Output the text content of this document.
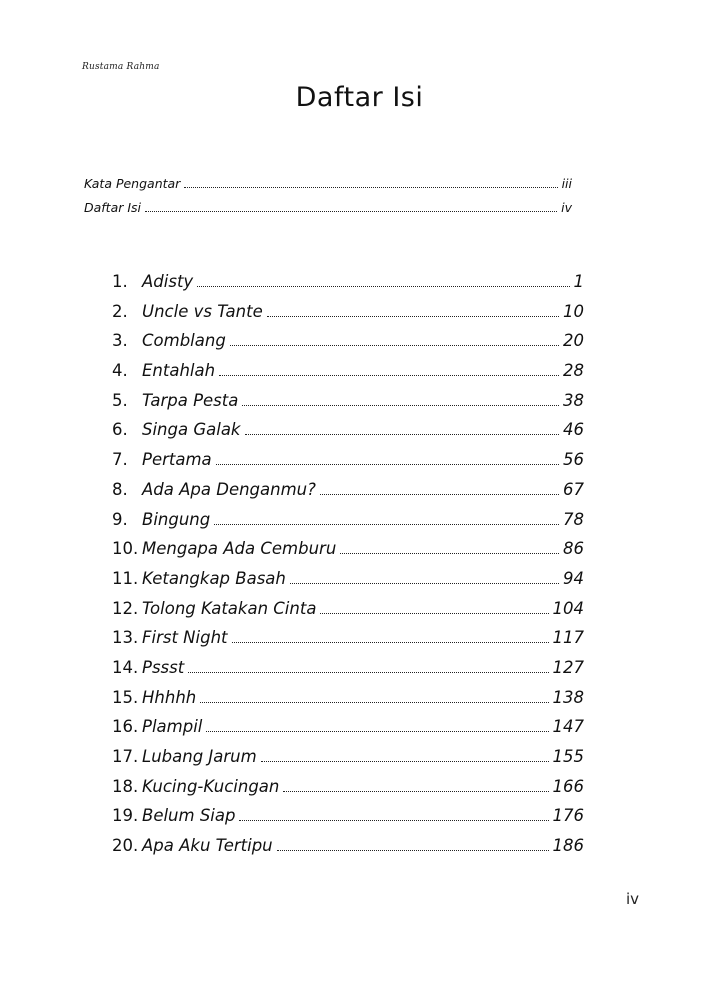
Rustama Rahma
Daftar Isi
Kata Pengantar	iii
Daftar Isi	iv
1. Adisty	1
2. Uncle vs Tante	10
3. Comblang	20
4. Entahlah	28
5. Tarpa Pesta	38
6. Singa Galak	46
7. Pertama	56
8. Ada Apa Denganmu?	67
9. Bingung	78
10. Mengapa Ada Cemburu	86
11. Ketangkap Basah	94
12. Tolong Katakan Cinta	104
13. First Night	117
14. Pssst	127
15. Hhhhh	138
16. Plampil	147
17. Lubang Jarum	155
18. Kucing-Kucingan	166
19. Belum Siap	176
20. Apa Aku Tertipu	186
iv
